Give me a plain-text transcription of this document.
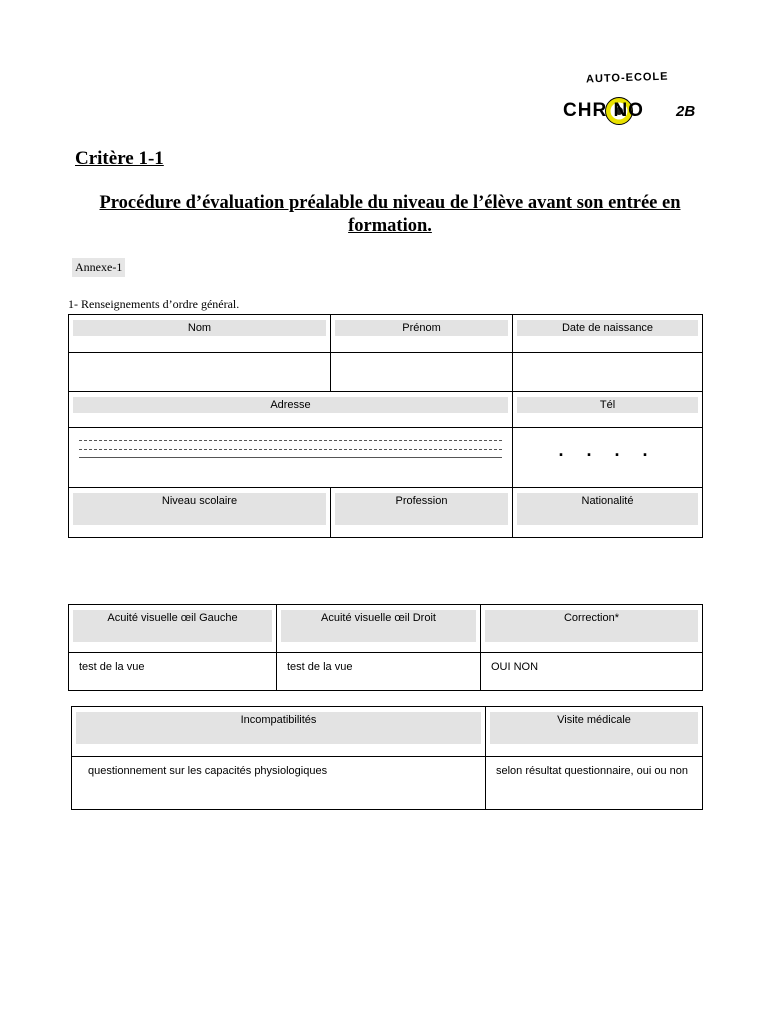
AUTO-ECOLE
CHR NO 2B
Critère 1-1
Procédure d’évaluation préalable du niveau de l’élève avant son entrée en formation.
Annexe-1
1- Renseignements d’ordre général.
Nom	Prénom	Date de naissance

Adresse		Tél

		. . . .

Niveau scolaire	Profession	Nationalité
Acuité visuelle œil Gauche	Acuité visuelle œil Droit	Correction*

test de la vue	test de la vue	OUI NON
Incompatibilités	Visite médicale

questionnement sur les capacités physiologiques	selon résultat questionnaire, oui ou non
